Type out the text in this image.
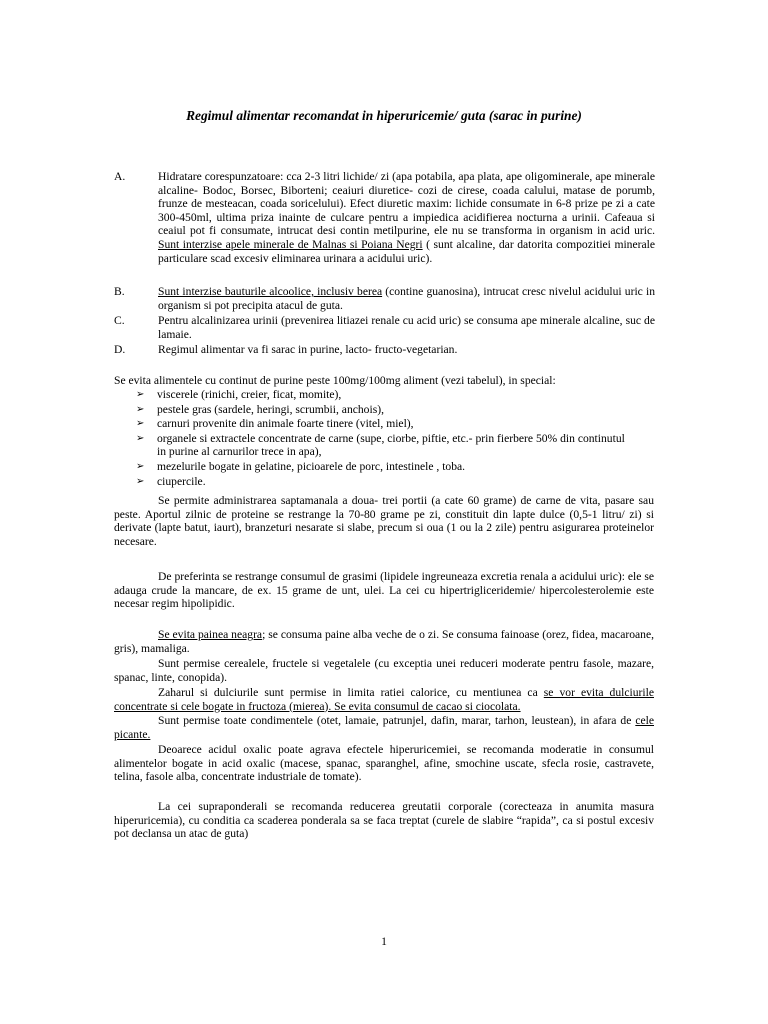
Regimul alimentar recomandat in hiperuricemie/ guta (sarac in purine)
A.	Hidratare corespunzatoare: cca 2-3 litri lichide/ zi (apa potabila, apa plata, ape oligominerale, ape minerale alcaline- Bodoc, Borsec, Biborteni; ceaiuri diuretice- cozi de cirese, coada calului, matase de porumb, frunze de mesteacan, coada soricelului). Efect diuretic maxim: lichide consumate in 6-8 prize pe zi a cate 300-450ml, ultima priza inainte de culcare pentru a impiedica acidifierea nocturna a urinii. Cafeaua si ceaiul pot fi consumate, intrucat desi contin metilpurine, ele nu se transforma in organism in acid uric. Sunt interzise apele minerale de Malnas si Poiana Negri ( sunt alcaline, dar datorita compozitiei minerale particulare scad excesiv eliminarea urinara a acidului uric).
B.	Sunt interzise bauturile alcoolice, inclusiv berea (contine guanosina), intrucat cresc nivelul acidului uric in organism si pot precipita atacul de guta.
C.	Pentru alcalinizarea urinii (prevenirea litiazei renale cu acid uric) se consuma ape minerale alcaline, suc de lamaie.
D.	Regimul alimentar va fi sarac in purine, lacto- fructo-vegetarian.
Se evita alimentele cu continut de purine peste 100mg/100mg aliment (vezi tabelul), in special:
➢ viscerele (rinichi, creier, ficat, momite),
➢ pestele gras (sardele, heringi, scrumbii, anchois),
➢ carnuri provenite din animale foarte tinere (vitel, miel),
➢ organele si extractele concentrate de carne (supe, ciorbe, piftie, etc.- prin fierbere 50% din continutul in purine al carnurilor trece in apa),
➢ mezelurile bogate in gelatine, picioarele de porc, intestinele , toba.
➢ ciupercile.
Se permite administrarea saptamanala a doua- trei portii (a cate 60 grame) de carne de vita, pasare sau peste. Aportul zilnic de proteine se restrange la 70-80 grame pe zi, constituit din lapte dulce (0,5-1 litru/ zi) si derivate (lapte batut, iaurt), branzeturi nesarate si slabe, precum si oua (1 ou la 2 zile) pentru asigurarea proteinelor necesare.
De preferinta se restrange consumul de grasimi (lipidele ingreuneaza excretia renala a acidului uric): ele se adauga crude la mancare, de ex. 15 grame de unt, ulei. La cei cu hipertrigliceridemie/ hipercolesterolemie este necesar regim hipolipidic.
Se evita painea neagra; se consuma paine alba veche de o zi. Se consuma fainoase (orez, fidea, macaroane, gris), mamaliga.
Sunt permise cerealele, fructele si vegetalele (cu exceptia unei reduceri moderate pentru fasole, mazare, spanac, linte, conopida).
Zaharul si dulciurile sunt permise in limita ratiei calorice, cu mentiunea ca se vor evita dulciurile concentrate si cele bogate in fructoza (mierea). Se evita consumul de cacao si ciocolata.
Sunt permise toate condimentele (otet, lamaie, patrunjel, dafin, marar, tarhon, leustean), in afara de cele picante.
Deoarece acidul oxalic poate agrava efectele hiperuricemiei, se recomanda moderatie in consumul alimentelor bogate in acid oxalic (macese, spanac, sparanghel, afine, smochine uscate, sfecla rosie, castravete, telina, fasole alba, concentrate industriale de tomate).
La cei supraponderali se recomanda reducerea greutatii corporale (corecteaza in anumita masura hiperuricemia), cu conditia ca scaderea ponderala sa se faca treptat (curele de slabire “rapida”, ca si postul excesiv pot declansa un atac de guta)
1
